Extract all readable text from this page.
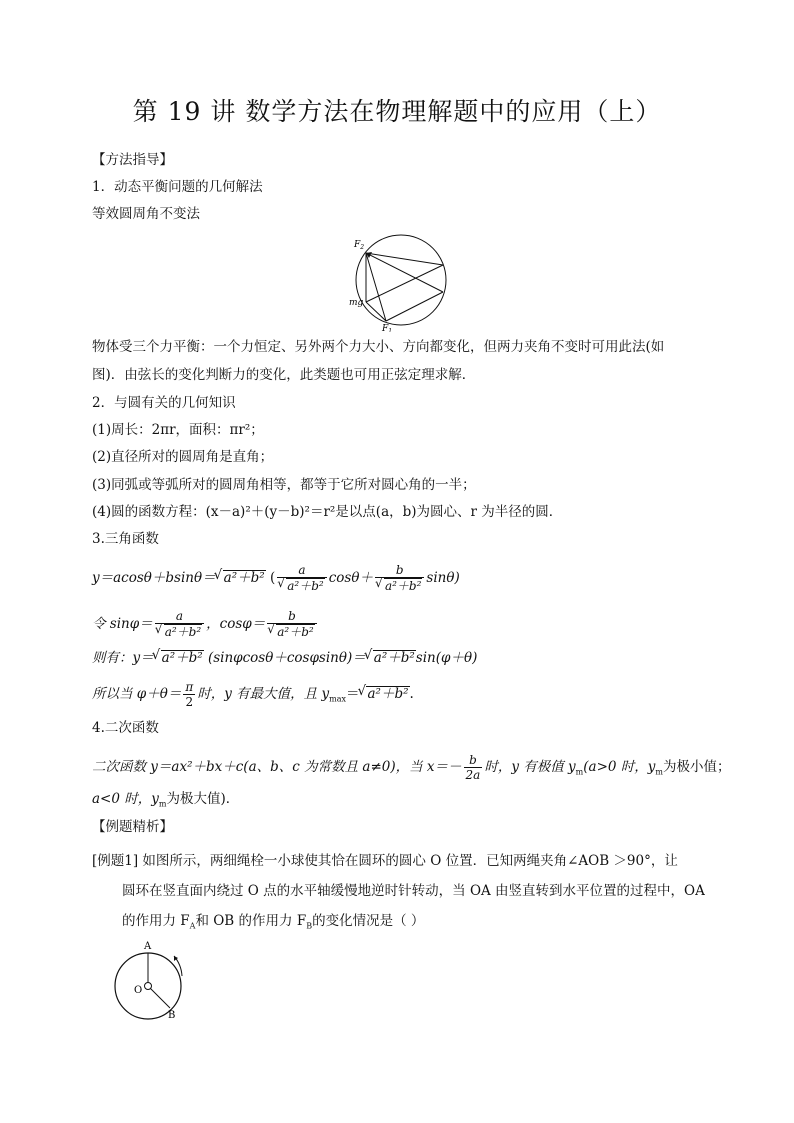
第 19 讲 数学方法在物理解题中的应用（上）
【方法指导】
1．动态平衡问题的几何解法
等效圆周角不变法
$F_2$
mg
$F_1$
物体受三个力平衡：一个力恒定、另外两个力大小、方向都变化，但两力夹角不变时可用此法(如
图)．由弦长的变化判断力的变化，此类题也可用正弦定理求解．
2．与圆有关的几何知识
(1)周长：2πr，面积：πr²；
(2)直径所对的圆周角是直角；
(3)同弧或等弧所对的圆周角相等，都等于它所对圆心角的一半；
(4)圆的函数方程：(x－a)²＋(y－b)²＝r²是以点(a，b)为圆心、r 为半径的圆．
3.三角函数
y＝acosθ＋bsinθ＝√ a²＋b² ( a
√ a²＋b² cosθ＋ b
√ a²＋b² sinθ)
令 sinφ＝ a
√ a²＋b² ，cosφ＝ b
√ a²＋b²
则有：y＝√ a²＋b² (sinφcosθ＋cosφsinθ)＝√ a²＋b²sin(φ＋θ)
所以当 $\varphi+\theta= \frac{\pi}{2}$ 时，y 有最大值，且 $y_{max}=√$ a²＋b².
4.二次函数
二次函数 y＝ax²＋bx＋c(a、b、c 为常数且 a≠0)，当 $x=- \frac{b}{2a}$ 时，y 有极值 $y_m(a>0$ 时，$y_m$为极小值；
a<0 时，$y_m$为极大值)．
【例题精析】
[例题1] 如图所示，两细绳栓一小球使其恰在圆环的圆心 O 位置．已知两绳夹角∠AOB ＞90°，让
圆环在竖直面内绕过 O 点的水平轴缓慢地逆时针转动，当 OA 由竖直转到水平位置的过程中，OA
的作用力 $F_A$和 OB 的作用力 $F_B$的变化情况是（ ）
A
O
B
